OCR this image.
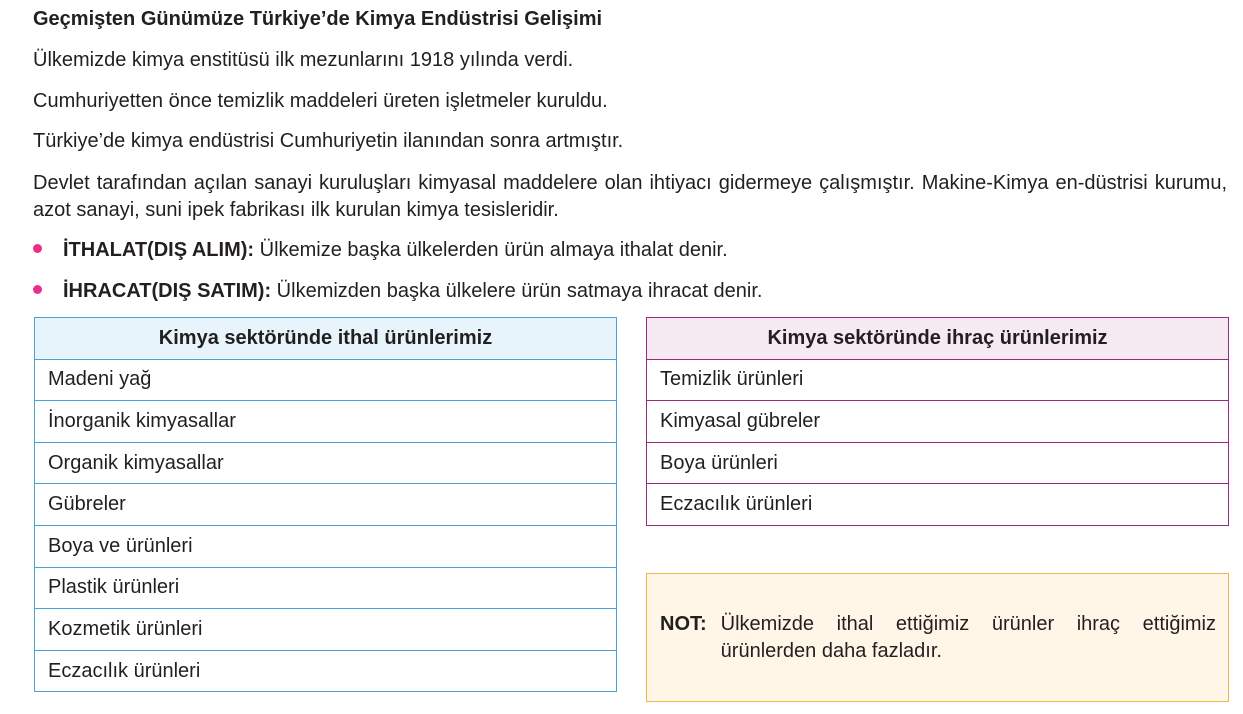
Geçmişten Günümüze Türkiye’de Kimya Endüstrisi Gelişimi

Ülkemizde kimya enstitüsü ilk mezunlarını 1918 yılında verdi.

Cumhuriyetten önce temizlik maddeleri üreten işletmeler kuruldu.

Türkiye’de kimya endüstrisi Cumhuriyetin ilanından sonra artmıştır.

Devlet tarafından açılan sanayi kuruluşları kimyasal maddelere olan ihtiyacı gidermeye çalışmıştır. Makine-Kimya en-düstrisi kurumu, azot sanayi, suni ipek fabrikası ilk kurulan kimya tesisleridir.

İTHALAT(DIŞ ALIM): Ülkemize başka ülkelerden ürün almaya ithalat denir.

İHRACAT(DIŞ SATIM): Ülkemizden başka ülkelere ürün satmaya ihracat denir.

Kimya sektöründe ithal ürünlerimiz
Madeni yağ
İnorganik kimyasallar
Organik kimyasallar
Gübreler
Boya ve ürünleri
Plastik ürünleri
Kozmetik ürünleri
Eczacılık ürünleri
Kimya sektöründe ihraç ürünlerimiz
Temizlik ürünleri
Kimyasal gübreler
Boya ürünleri
Eczacılık ürünleri
NOT: Ülkemizde ithal ettiğimiz ürünler ihraç ettiğimiz ürünlerden daha fazladır.
